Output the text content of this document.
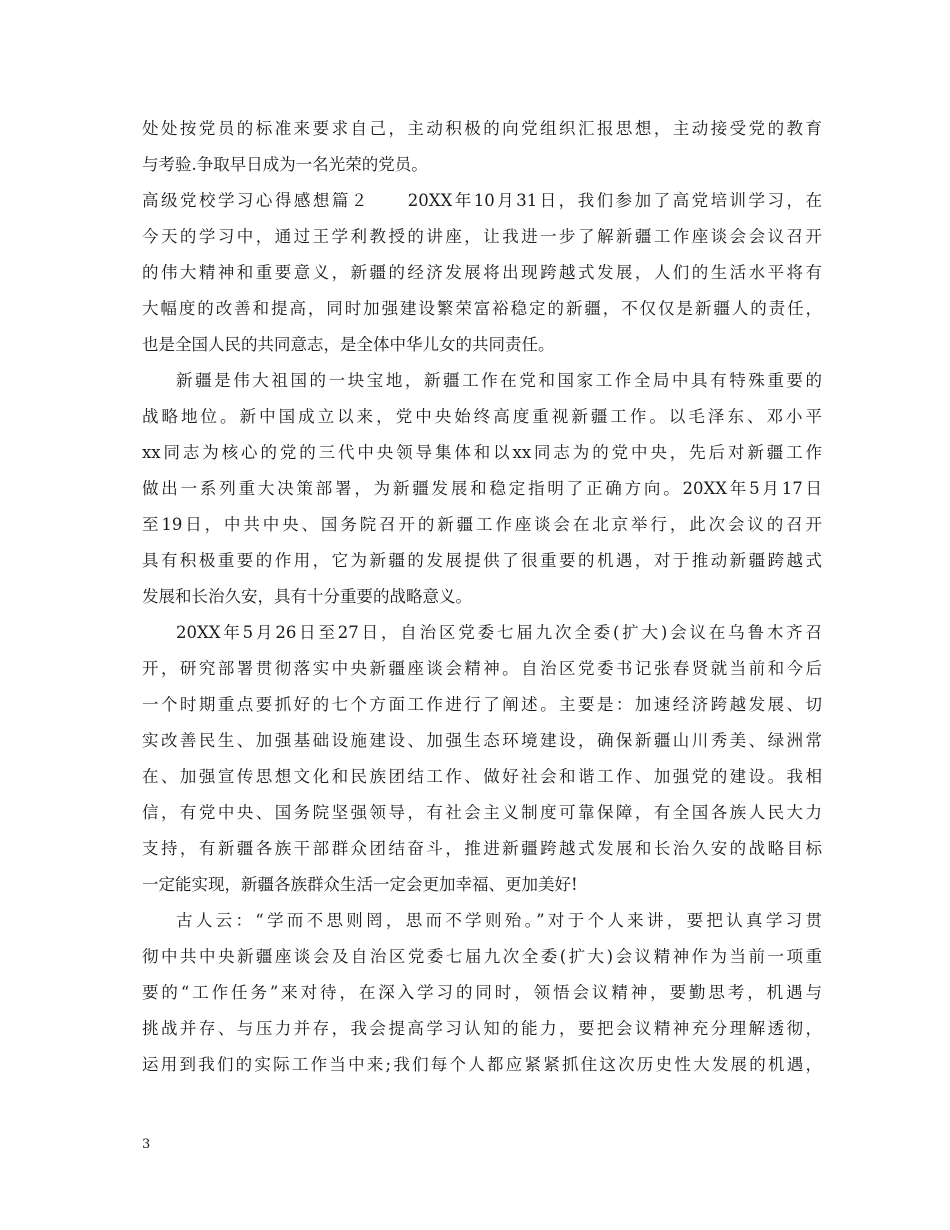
处处按党员的标准来要求自己，主动积极的向党组织汇报思想，主动接受党的教育
与考验.争取早日成为一名光荣的党员。
高级党校学习心得感想篇２　　20XX年10月31日，我们参加了高党培训学习，在
今天的学习中，通过王学利教授的讲座，让我进一步了解新疆工作座谈会会议召开
的伟大精神和重要意义，新疆的经济发展将出现跨越式发展，人们的生活水平将有
大幅度的改善和提高，同时加强建设繁荣富裕稳定的新疆，不仅仅是新疆人的责任，
也是全国人民的共同意志，是全体中华儿女的共同责任。
新疆是伟大祖国的一块宝地，新疆工作在党和国家工作全局中具有特殊重要的
战略地位。新中国成立以来，党中央始终高度重视新疆工作。以毛泽东、邓小平
xx同志为核心的党的三代中央领导集体和以xx同志为的党中央，先后对新疆工作
做出一系列重大决策部署，为新疆发展和稳定指明了正确方向。20XX年5月17日
至19日，中共中央、国务院召开的新疆工作座谈会在北京举行，此次会议的召开
具有积极重要的作用，它为新疆的发展提供了很重要的机遇，对于推动新疆跨越式
发展和长治久安，具有十分重要的战略意义。
20XX年5月26日至27日，自治区党委七届九次全委(扩大)会议在乌鲁木齐召
开，研究部署贯彻落实中央新疆座谈会精神。自治区党委书记张春贤就当前和今后
一个时期重点要抓好的七个方面工作进行了阐述。主要是：加速经济跨越发展、切
实改善民生、加强基础设施建设、加强生态环境建设，确保新疆山川秀美、绿洲常
在、加强宣传思想文化和民族团结工作、做好社会和谐工作、加强党的建设。我相
信，有党中央、国务院坚强领导，有社会主义制度可靠保障，有全国各族人民大力
支持，有新疆各族干部群众团结奋斗，推进新疆跨越式发展和长治久安的战略目标
一定能实现，新疆各族群众生活一定会更加幸福、更加美好!
古人云：“学而不思则罔，思而不学则殆。”对于个人来讲，要把认真学习贯
彻中共中央新疆座谈会及自治区党委七届九次全委(扩大)会议精神作为当前一项重
要的“工作任务”来对待，在深入学习的同时，领悟会议精神，要勤思考，机遇与
挑战并存、与压力并存，我会提高学习认知的能力，要把会议精神充分理解透彻，
运用到我们的实际工作当中来;我们每个人都应紧紧抓住这次历史性大发展的机遇，
3
